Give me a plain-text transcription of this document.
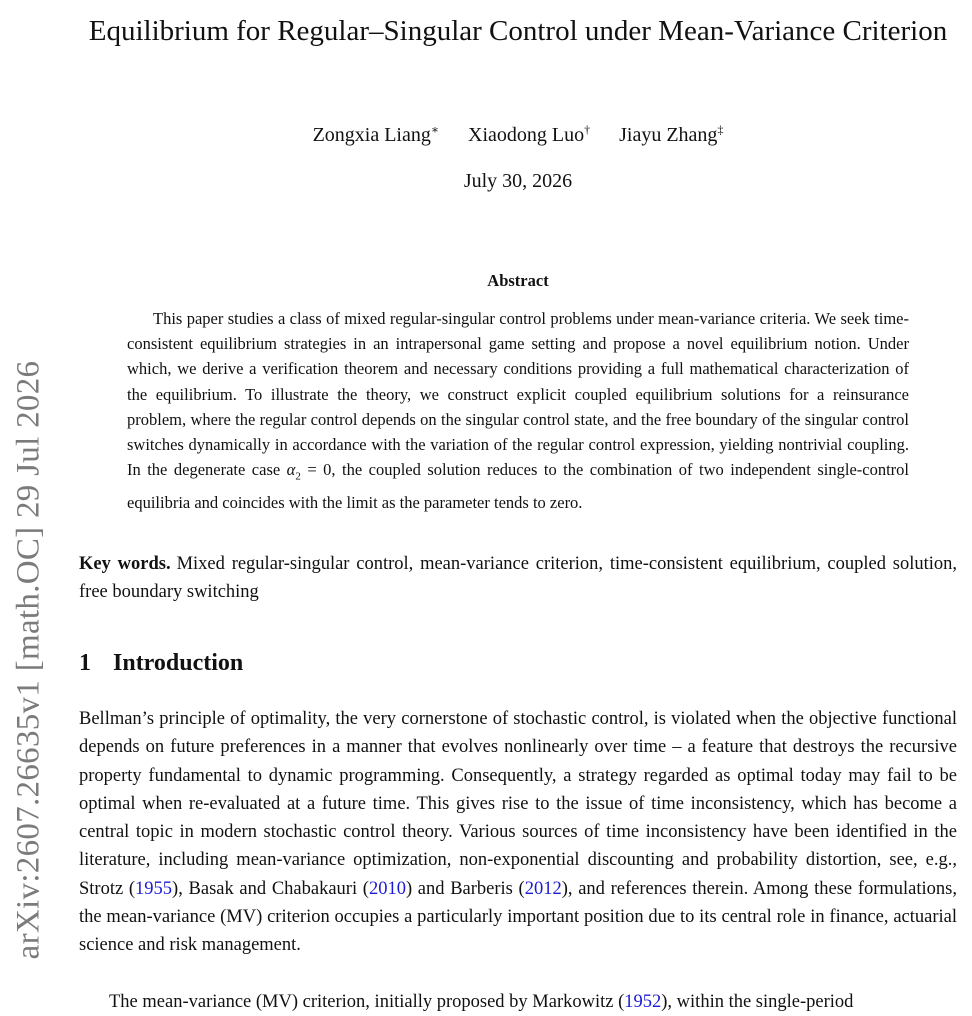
arXiv:2607.26635v1 [math.OC] 29 Jul 2026
Equilibrium for Regular–Singular Control under Mean-Variance Criterion
Zongxia Liang∗ Xiaodong Luo† Jiayu Zhang‡
July 30, 2026
Abstract

This paper studies a class of mixed regular-singular control problems under mean-variance criteria. We seek time-consistent equilibrium strategies in an intrapersonal game setting and propose a novel equilibrium notion. Under which, we derive a verification theorem and necessary conditions providing a full mathematical characterization of the equilibrium. To illustrate the theory, we construct explicit coupled equilibrium solutions for a reinsurance problem, where the regular control depends on the singular control state, and the free boundary of the singular control switches dynamically in accordance with the variation of the regular control expression, yielding nontrivial coupling. In the degenerate case $\alpha_2 = 0$, the coupled solution reduces to the combination of two independent single-control equilibria and coincides with the limit as the parameter tends to zero.

Key words. Mixed regular-singular control, mean-variance criterion, time-consistent equilibrium, coupled solution, free boundary switching

1 Introduction

Bellman’s principle of optimality, the very cornerstone of stochastic control, is violated when the objective functional depends on future preferences in a manner that evolves nonlinearly over time – a feature that destroys the recursive property fundamental to dynamic programming. Consequently, a strategy regarded as optimal today may fail to be optimal when re-evaluated at a future time. This gives rise to the issue of time inconsistency, which has become a central topic in modern stochastic control theory. Various sources of time inconsistency have been identified in the literature, including mean-variance optimization, non-exponential discounting and probability distortion, see, e.g., Strotz (1955), Basak and Chabakauri (2010) and Barberis (2012), and references therein. Among these formulations, the mean-variance (MV) criterion occupies a particularly important position due to its central role in finance, actuarial science and risk management.

The mean-variance (MV) criterion, initially proposed by Markowitz (1952), within the single-period
